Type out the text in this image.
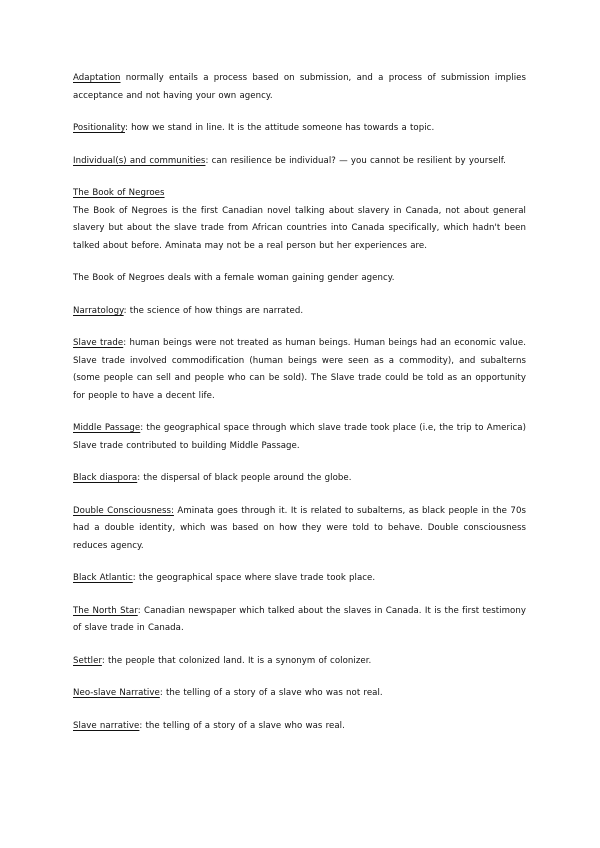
Adaptation normally entails a process based on submission, and a process of submission implies acceptance and not having your own agency.

Positionality: how we stand in line. It is the attitude someone has towards a topic.

Individual(s) and communities: can resilience be individual? — you cannot be resilient by yourself.

The Book of Negroes
The Book of Negroes is the first Canadian novel talking about slavery in Canada, not about general slavery but about the slave trade from African countries into Canada specifically, which hadn't been talked about before. Aminata may not be a real person but her experiences are.

The Book of Negroes deals with a female woman gaining gender agency.

Narratology: the science of how things are narrated.

Slave trade: human beings were not treated as human beings. Human beings had an economic value. Slave trade involved commodification (human beings were seen as a commodity), and subalterns (some people can sell and people who can be sold). The Slave trade could be told as an opportunity for people to have a decent life.

Middle Passage: the geographical space through which slave trade took place (i.e, the trip to America) Slave trade contributed to building Middle Passage.

Black diaspora: the dispersal of black people around the globe.

Double Consciousness: Aminata goes through it. It is related to subalterns, as black people in the 70s had a double identity, which was based on how they were told to behave. Double consciousness reduces agency.

Black Atlantic: the geographical space where slave trade took place.

The North Star: Canadian newspaper which talked about the slaves in Canada. It is the first testimony of slave trade in Canada.

Settler: the people that colonized land. It is a synonym of colonizer.

Neo-slave Narrative: the telling of a story of a slave who was not real.

Slave narrative: the telling of a story of a slave who was real.
